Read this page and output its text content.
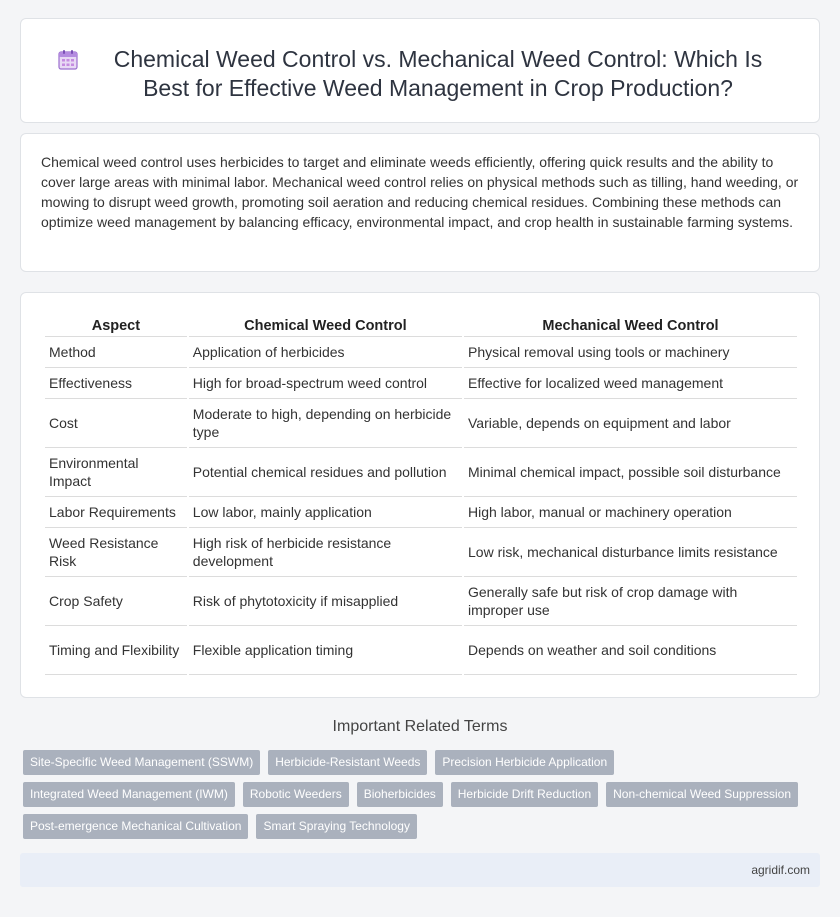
Chemical Weed Control vs. Mechanical Weed Control: Which Is Best for Effective Weed Management in Crop Production?

Chemical weed control uses herbicides to target and eliminate weeds efficiently, offering quick results and the ability to cover large areas with minimal labor. Mechanical weed control relies on physical methods such as tilling, hand weeding, or mowing to disrupt weed growth, promoting soil aeration and reducing chemical residues. Combining these methods can optimize weed management by balancing efficacy, environmental impact, and crop health in sustainable farming systems.

Aspect	Chemical Weed Control	Mechanical Weed Control
Method	Application of herbicides	Physical removal using tools or machinery
Effectiveness	High for broad-spectrum weed control	Effective for localized weed management
Cost	Moderate to high, depending on herbicide type	Variable, depends on equipment and labor
Environmental Impact	Potential chemical residues and pollution	Minimal chemical impact, possible soil disturbance
Labor Requirements	Low labor, mainly application	High labor, manual or machinery operation
Weed Resistance Risk	High risk of herbicide resistance development	Low risk, mechanical disturbance limits resistance
Crop Safety	Risk of phytotoxicity if misapplied	Generally safe but risk of crop damage with improper use
Timing and Flexibility	Flexible application timing	Depends on weather and soil conditions
Important Related Terms
Site-Specific Weed Management (SSWM)	Herbicide-Resistant Weeds	Precision Herbicide Application
Integrated Weed Management (IWM)	Robotic Weeders	Bioherbicides	Herbicide Drift Reduction	Non-chemical Weed Suppression
Post-emergence Mechanical Cultivation	Smart Spraying Technology
agridif.com
